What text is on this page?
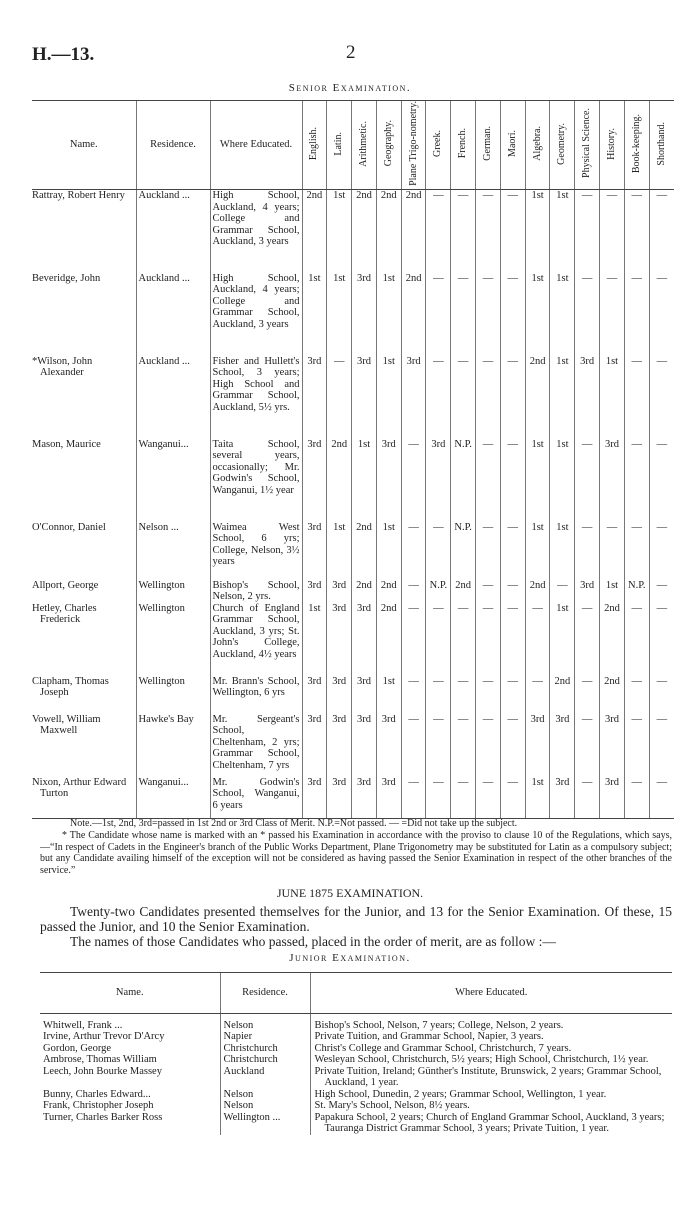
H.—13.	2
Senior Examination.
Name.	Residence.	Where Educated.	English.	Latin.	Arithmetic.	Geography.	Plane Trigo-nometry.	Greek.	French.	German.	Maori.	Algebra.	Geometry.	Physical Science.	History.	Book-keeping.	Shorthand.
Rattray, Robert Henry	Auckland ...	High School, Auckland, 4 years; College and Grammar School, Auckland, 3 years	2nd	1st	2nd	2nd	2nd	—	—	—	—	1st	1st	—	—	—	—
Beveridge, John	Auckland ...	High School, Auckland, 4 years; College and Grammar School, Auckland, 3 years	1st	1st	3rd	1st	2nd	—	—	—	—	1st	1st	—	—	—	—
*Wilson, John Alexander	Auckland ...	Fisher and Hullett's School, 3 years; High School and Grammar School, Auckland, 5½ yrs.	3rd	—	3rd	1st	3rd	—	—	—	—	2nd	1st	3rd	1st	—	—
Mason, Maurice	Wanganui...	Taita School, several years, occasionally; Mr. Godwin's School, Wanganui, 1½ year	3rd	2nd	1st	3rd	—	3rd	N.P.	—	—	1st	1st	—	3rd	—	—
O'Connor, Daniel	Nelson ...	Waimea West School, 6 yrs; College, Nelson, 3½ years	3rd	1st	2nd	1st	—	—	N.P.	—	—	1st	1st	—	—	—	—
Allport, George	Wellington	Bishop's School, Nelson, 2 yrs.	3rd	3rd	2nd	2nd	—	N.P.	2nd	—	—	2nd	—	3rd	1st	N.P.	—
Hetley, Charles Frederick	Wellington	Church of England Grammar School, Auckland, 3 yrs; St. John's College, Auckland, 4½ years	1st	3rd	3rd	2nd	—	—	—	—	—	—	1st	—	2nd	—	—
Clapham, Thomas Joseph	Wellington	Mr. Brann's School, Wellington, 6 yrs	3rd	3rd	3rd	1st	—	—	—	—	—	—	2nd	—	2nd	—	—
Vowell, William Maxwell	Hawke's Bay	Mr. Sergeant's School, Cheltenham, 2 yrs; Grammar School, Cheltenham, 7 yrs	3rd	3rd	3rd	3rd	—	—	—	—	—	3rd	3rd	—	3rd	—	—
Nixon, Arthur Edward Turton	Wanganui...	Mr. Godwin's School, Wanganui, 6 years	3rd	3rd	3rd	3rd	—	—	—	—	—	1st	3rd	—	3rd	—	—
Note.—1st, 2nd, 3rd=passed in 1st 2nd or 3rd Class of Merit. N.P.=Not passed. — =Did not take up the subject.
* The Candidate whose name is marked with an * passed his Examination in accordance with the proviso to clause 10 of the Regulations, which says,—“In respect of Cadets in the Engineer's branch of the Public Works Department, Plane Trigonometry may be substituted for Latin as a compulsory subject; but any Candidate availing himself of the exception will not be considered as having passed the Senior Examination in respect of the other branches of the service.”
JUNE 1875 EXAMINATION.
Twenty-two Candidates presented themselves for the Junior, and 13 for the Senior Examination. Of these, 15 passed the Junior, and 10 the Senior Examination.
The names of those Candidates who passed, placed in the order of merit, are as follow :—
Junior Examination.
Name.	Residence.	Where Educated.

Whitwell, Frank ...	Nelson	Bishop's School, Nelson, 7 years; College, Nelson, 2 years.
Irvine, Arthur Trevor D'Arcy	Napier	Private Tuition, and Grammar School, Napier, 3 years.
Gordon, George	Christchurch	Christ's College and Grammar School, Christchurch, 7 years.
Ambrose, Thomas William	Christchurch	Wesleyan School, Christchurch, 5½ years; High School, Christchurch, 1½ year.
Leech, John Bourke Massey	Auckland	Private Tuition, Ireland; Günther's Institute, Brunswick, 2 years; Grammar School, Auckland, 1 year.
Bunny, Charles Edward...	Nelson	High School, Dunedin, 2 years; Grammar School, Wellington, 1 year.
Frank, Christopher Joseph	Nelson	St. Mary's School, Nelson, 8½ years.
Turner, Charles Barker Ross	Wellington ...	Papakura School, 2 years; Church of England Grammar School, Auckland, 3 years; Tauranga District Grammar School, 3 years; Private Tuition, 1 year.
